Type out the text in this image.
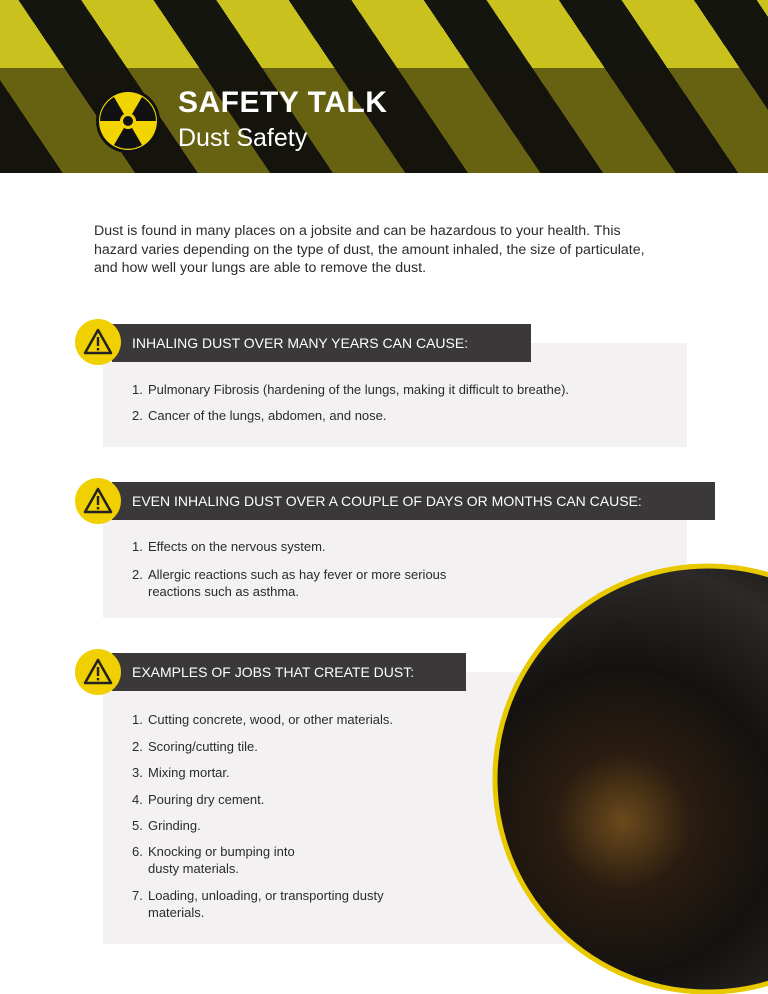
SAFETY TALK
Dust Safety

Dust is found in many places on a jobsite and can be hazardous to your health. This hazard varies depending on the type of dust, the amount inhaled, the size of particulate, and how well your lungs are able to remove the dust.

INHALING DUST OVER MANY YEARS CAN CAUSE:
EVEN INHALING DUST OVER A COUPLE OF DAYS OR MONTHS CAN CAUSE:
EXAMPLES OF JOBS THAT CREATE DUST:
1. Pulmonary Fibrosis (hardening of the lungs, making it difficult to breathe).
2. Cancer of the lungs, abdomen, and nose.
1. Effects on the nervous system.
2. Allergic reactions such as hay fever or more serious
reactions such as asthma.
1. Cutting concrete, wood, or other materials.
2. Scoring/cutting tile.
3. Mixing mortar.
4. Pouring dry cement.
5. Grinding.
6. Knocking or bumping into
dusty materials.
7. Loading, unloading, or transporting dusty
materials.
